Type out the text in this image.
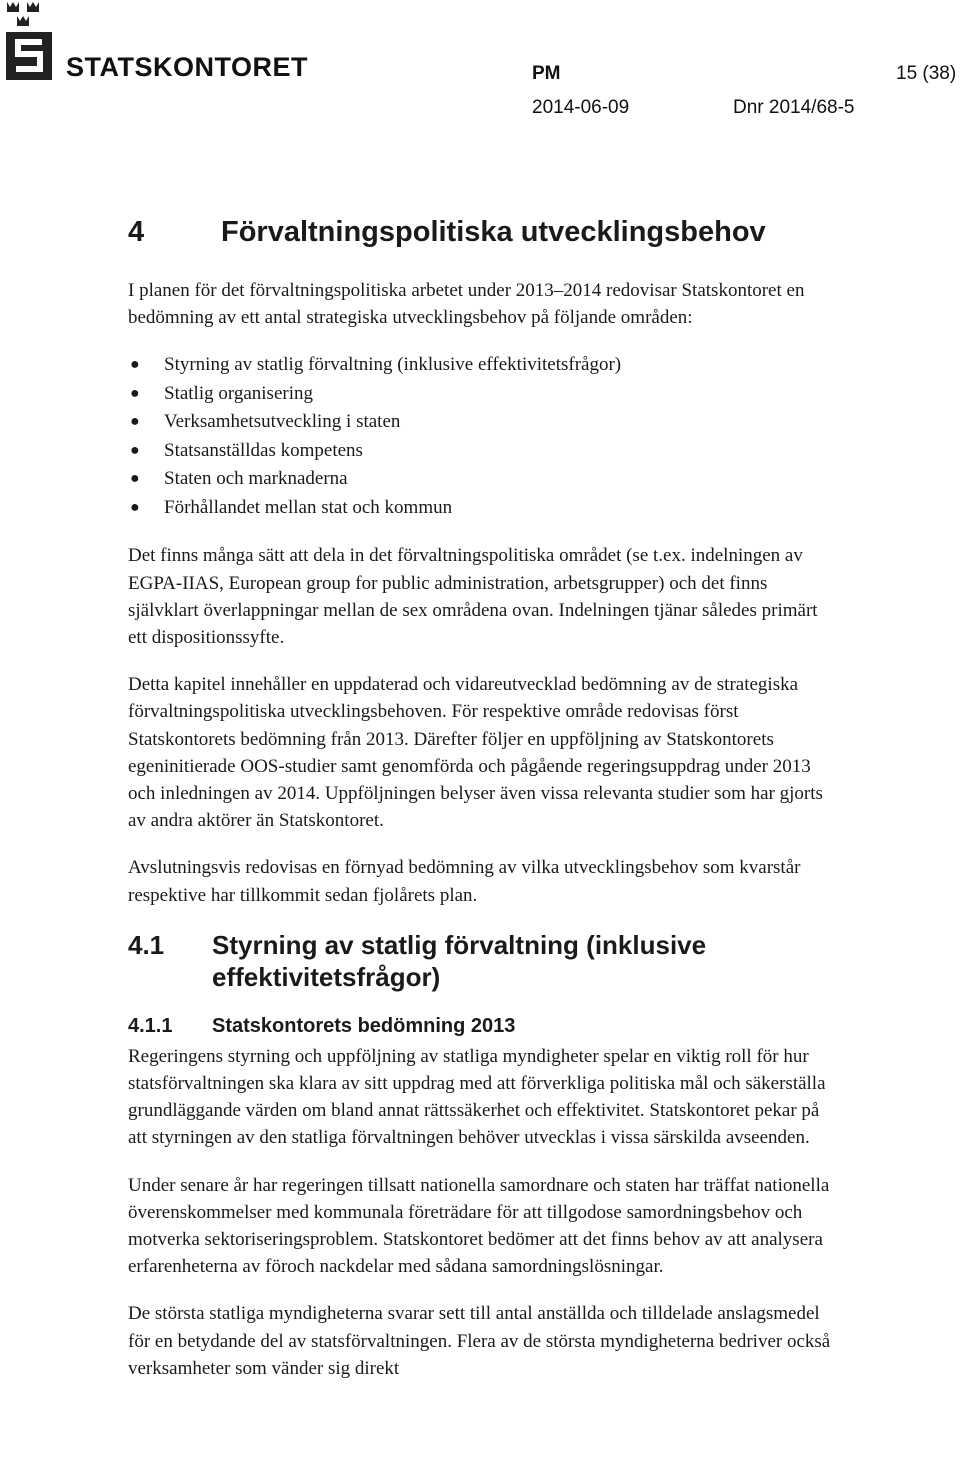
STATSKONTORET	PM	15 (38)
2014-06-09	Dnr 2014/68-5
4	Förvaltningspolitiska utvecklingsbehov

I planen för det förvaltningspolitiska arbetet under 2013–2014 redovisar Statskontoret en bedömning av ett antal strategiska utvecklingsbehov på följande områden:

●	Styrning av statlig förvaltning (inklusive effektivitetsfrågor)
●	Statlig organisering
●	Verksamhetsutveckling i staten
●	Statsanställdas kompetens
●	Staten och marknaderna
●	Förhållandet mellan stat och kommun

Det finns många sätt att dela in det förvaltningspolitiska området (se t.ex. indelningen av EGPA-IIAS, European group for public administration, arbetsgrupper) och det finns självklart överlappningar mellan de sex områdena ovan. Indelningen tjänar således primärt ett dispositionssyfte.

Detta kapitel innehåller en uppdaterad och vidareutvecklad bedömning av de strategiska förvaltningspolitiska utvecklingsbehoven. För respektive område redovisas först Statskontorets bedömning från 2013. Därefter följer en uppföljning av Statskontorets egeninitierade OOS-studier samt genomförda och pågående regeringsuppdrag under 2013 och inledningen av 2014. Uppföljningen belyser även vissa relevanta studier som har gjorts av andra aktörer än Statskontoret.

Avslutningsvis redovisas en förnyad bedömning av vilka utvecklingsbehov som kvarstår respektive har tillkommit sedan fjolårets plan.

4.1	Styrning av statlig förvaltning (inklusive effektivitetsfrågor)
4.1.1	Statskontorets bedömning 2013

Regeringens styrning och uppföljning av statliga myndigheter spelar en viktig roll för hur statsförvaltningen ska klara av sitt uppdrag med att förverkliga politiska mål och säkerställa grundläggande värden om bland annat rättssäkerhet och effektivitet. Statskontoret pekar på att styrningen av den statliga förvaltningen behöver utvecklas i vissa särskilda avseenden.

Under senare år har regeringen tillsatt nationella samordnare och staten har träffat nationella överenskommelser med kommunala företrädare för att tillgodose samordningsbehov och motverka sektoriseringsproblem. Statskontoret bedömer att det finns behov av att analysera erfarenheterna av föroch nackdelar med sådana samordningslösningar.

De största statliga myndigheterna svarar sett till antal anställda och tilldelade anslagsmedel för en betydande del av statsförvaltningen. Flera av de största myndigheterna bedriver också verksamheter som vänder sig direkt
